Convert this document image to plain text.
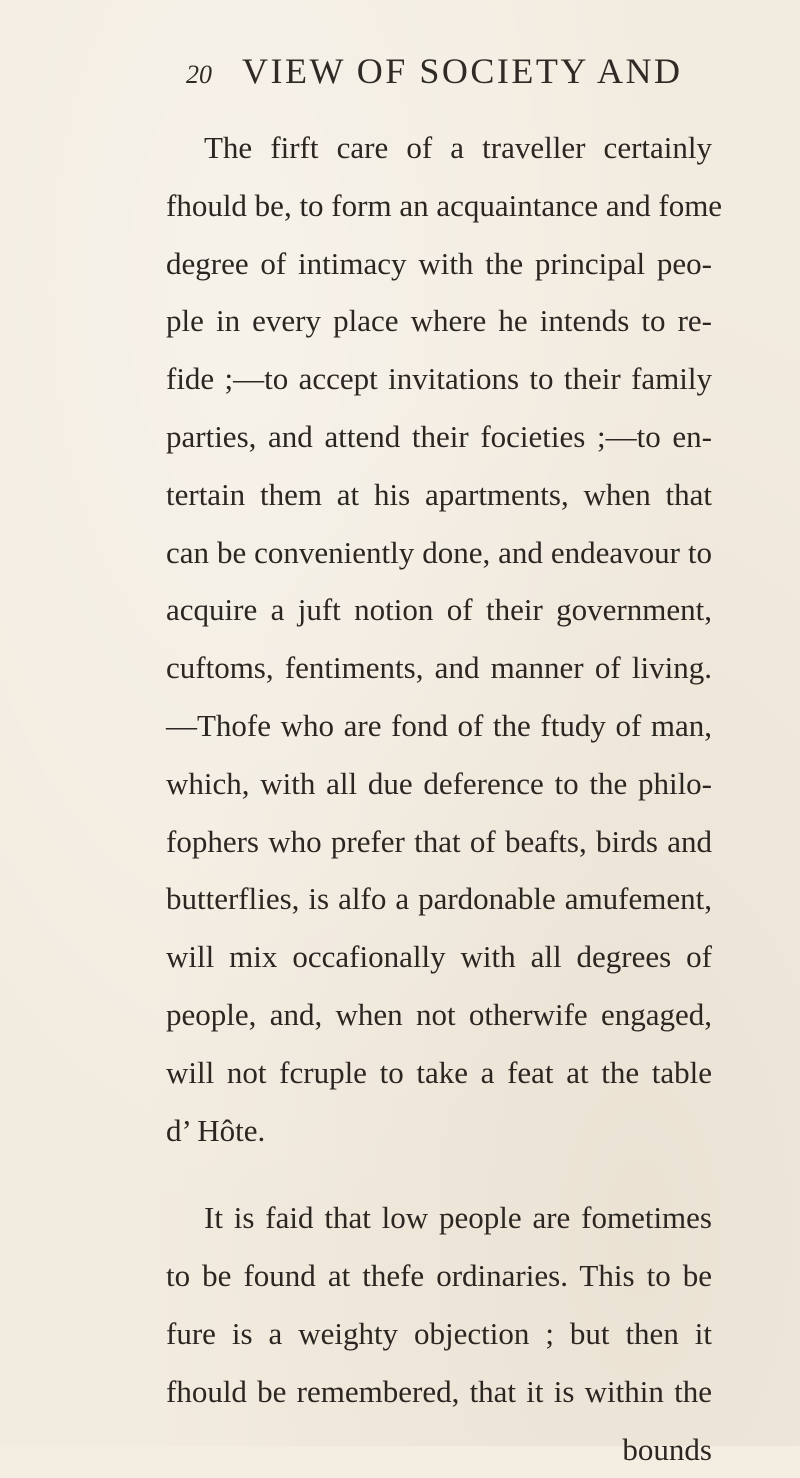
20 VIEW OF SOCIETY AND
The firft care of a traveller certainly
fhould be, to form an acquaintance and fome
degree of intimacy with the principal peo-
ple in every place where he intends to re-
fide ;—to accept invitations to their family
parties, and attend their focieties ;—to en-
tertain them at his apartments, when that
can be conveniently done, and endeavour to
acquire a juft notion of their government,
cuftoms, fentiments, and manner of living.
—Thofe who are fond of the ftudy of man,
which, with all due deference to the philo-
fophers who prefer that of beafts, birds and
butterflies, is alfo a pardonable amufement,
will mix occafionally with all degrees of
people, and, when not otherwife engaged,
will not fcruple to take a feat at the table
d’ Hôte.
It is faid that low people are fometimes
to be found at thefe ordinaries. This to be
fure is a weighty objection ; but then it
fhould be remembered, that it is within the
bounds
